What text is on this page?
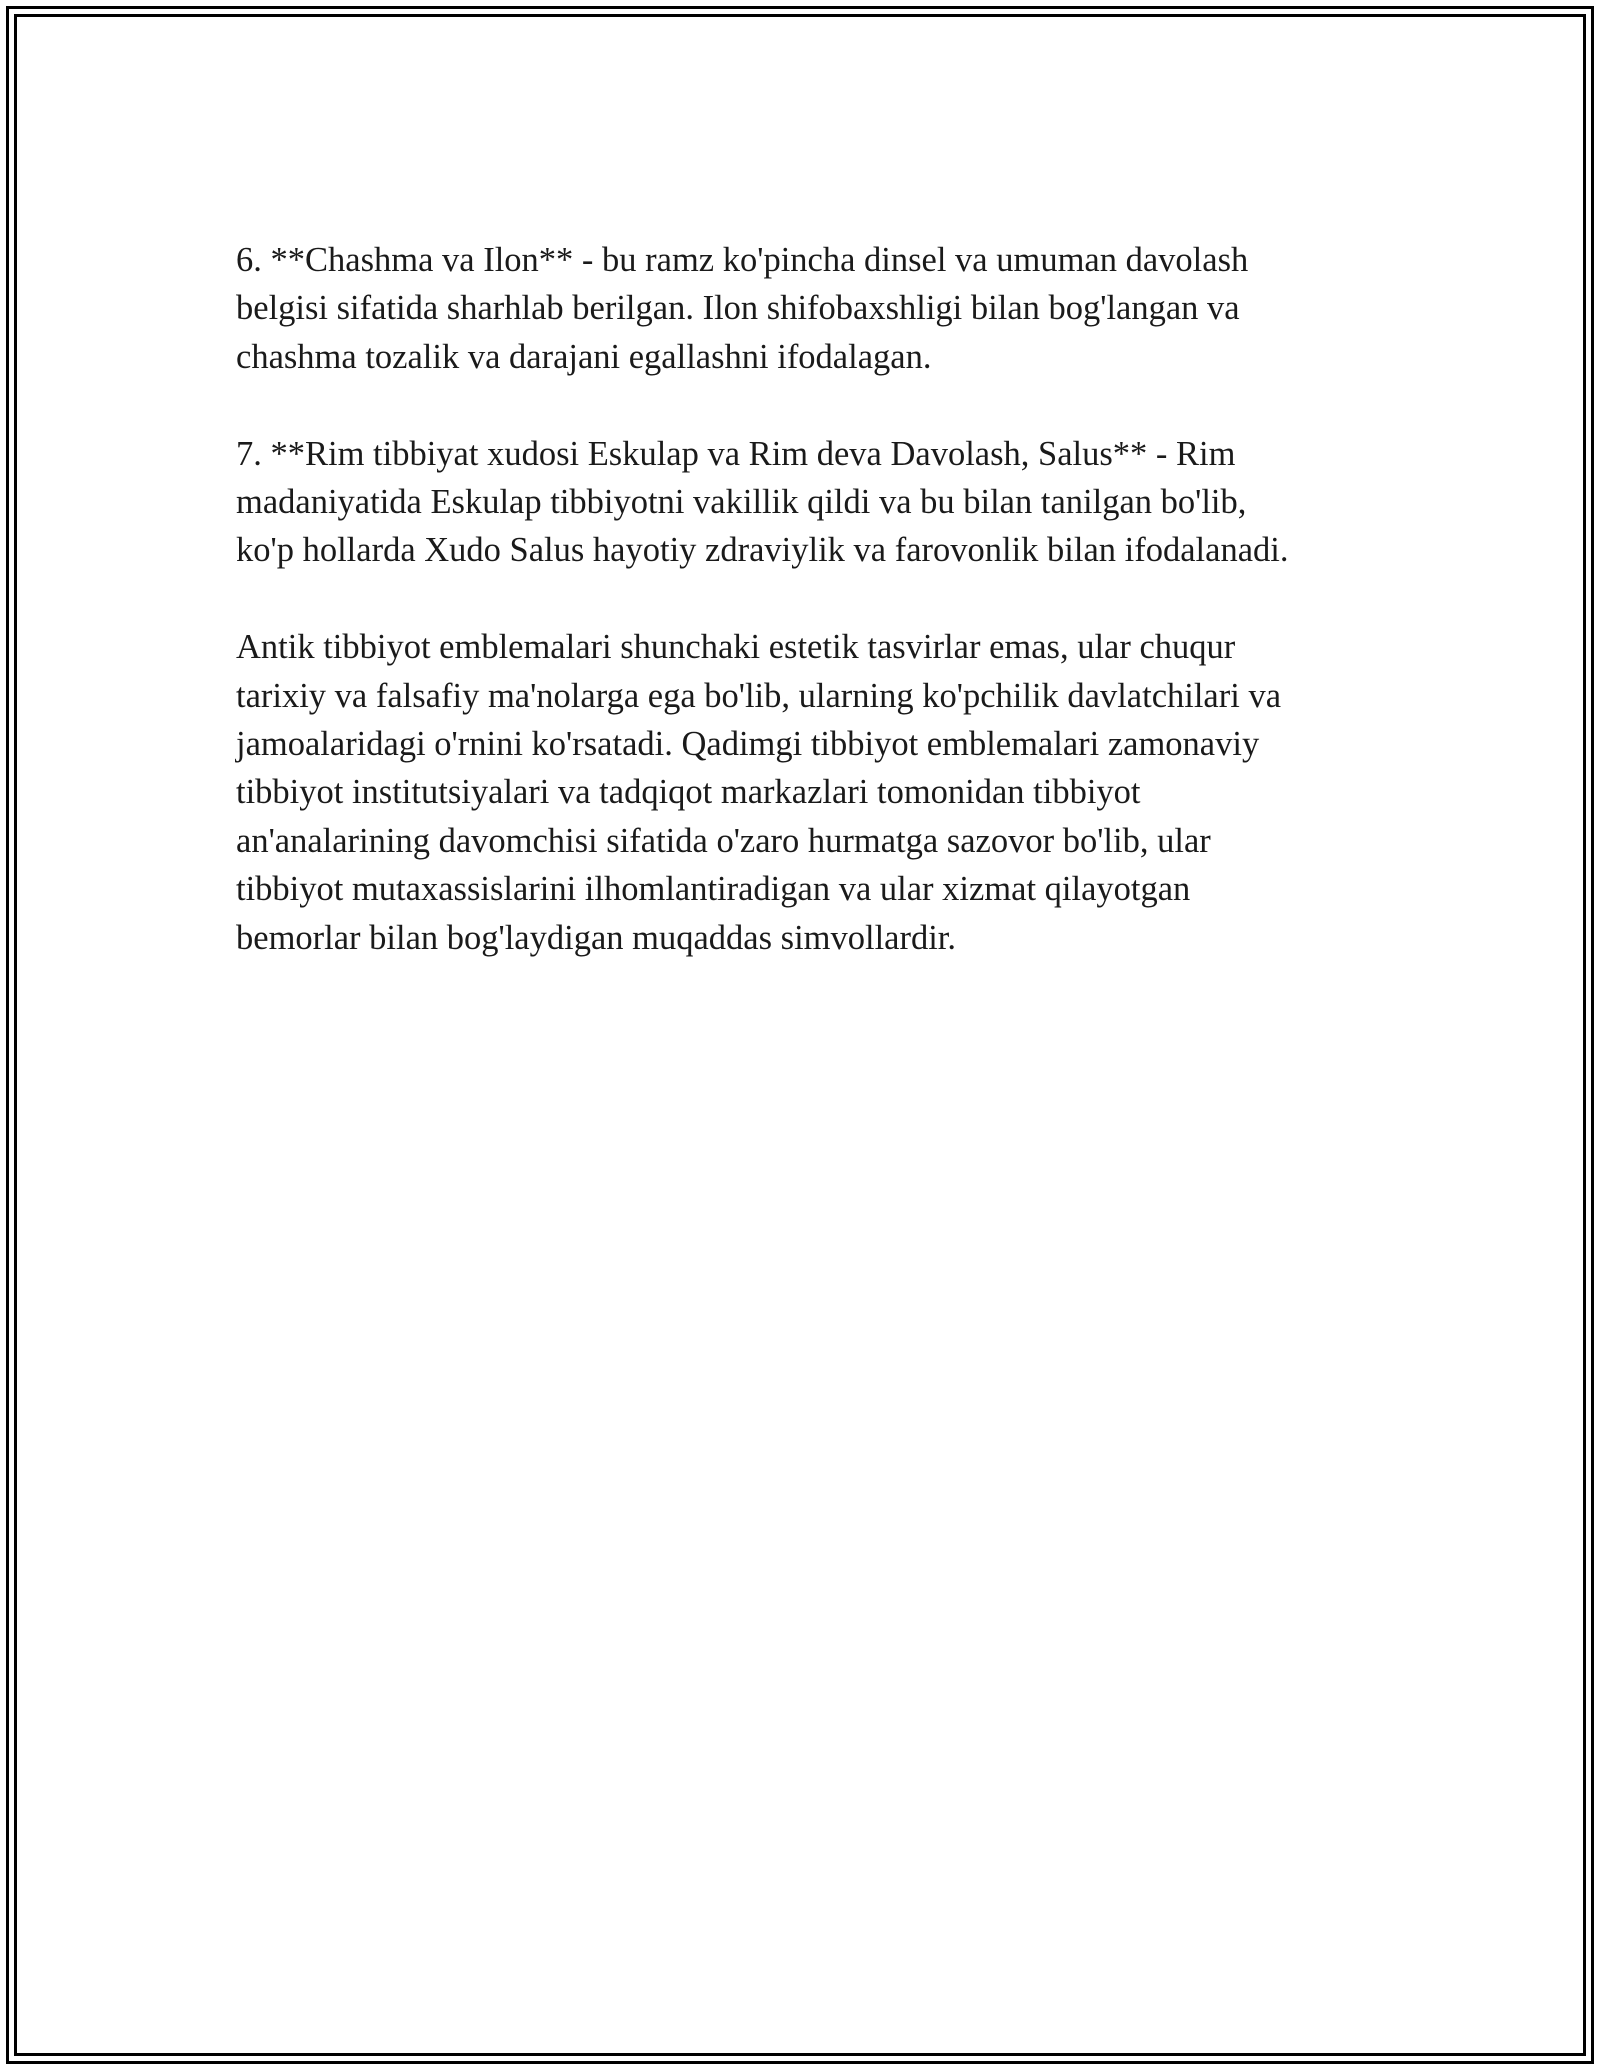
6. **Chashma va Ilon** - bu ramz ko'pincha dinsel va umuman davolash
belgisi sifatida sharhlab berilgan. Ilon shifobaxshligi bilan bog'langan va
chashma tozalik va darajani egallashni ifodalagan.

7. **Rim tibbiyat xudosi Eskulap va Rim deva Davolash, Salus** - Rim
madaniyatida Eskulap tibbiyotni vakillik qildi va bu bilan tanilgan bo'lib,
ko'p hollarda Xudo Salus hayotiy zdraviylik va farovonlik bilan ifodalanadi.

Antik tibbiyot emblemalari shunchaki estetik tasvirlar emas, ular chuqur
tarixiy va falsafiy ma'nolarga ega bo'lib, ularning ko'pchilik davlatchilari va
jamoalaridagi o'rnini ko'rsatadi. Qadimgi tibbiyot emblemalari zamonaviy
tibbiyot institutsiyalari va tadqiqot markazlari tomonidan tibbiyot
an'analarining davomchisi sifatida o'zaro hurmatga sazovor bo'lib, ular
tibbiyot mutaxassislarini ilhomlantiradigan va ular xizmat qilayotgan
bemorlar bilan bog'laydigan muqaddas simvollardir.
